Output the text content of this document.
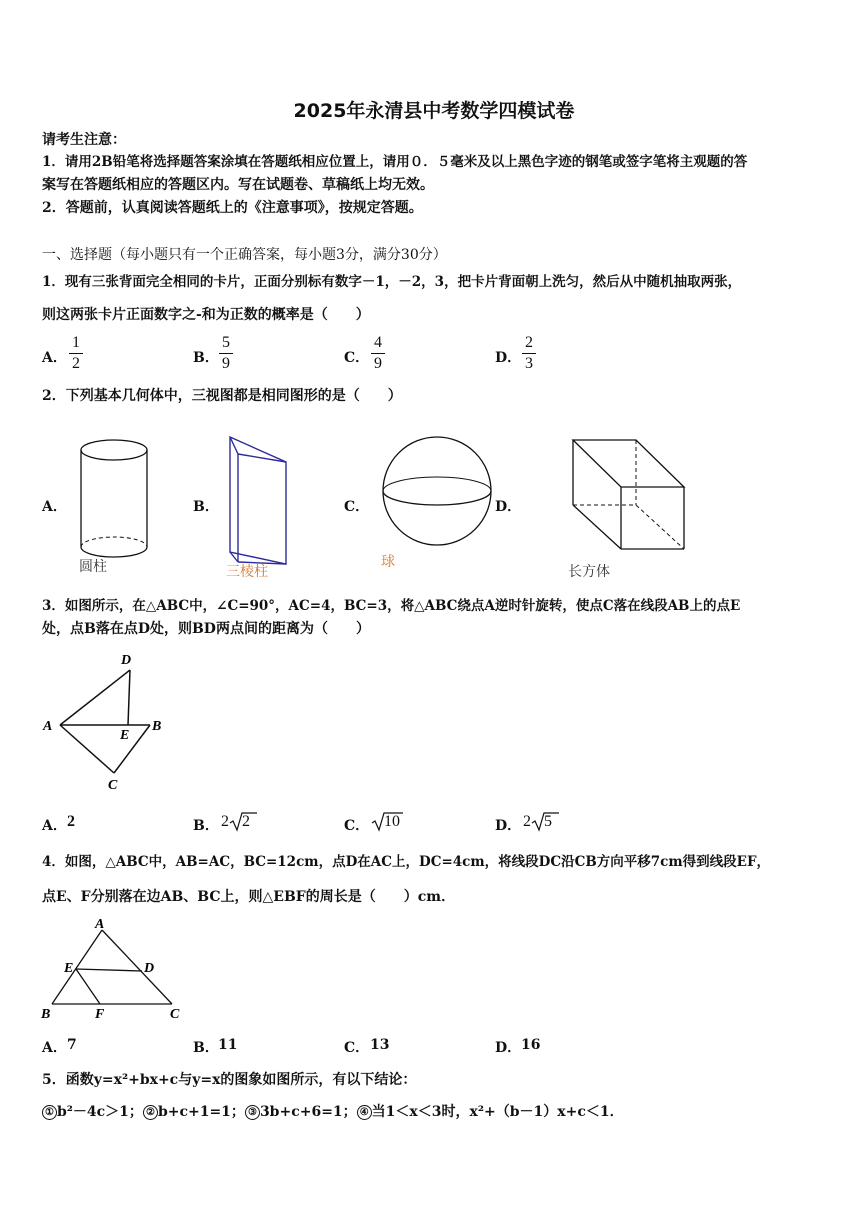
2025年永清县中考数学四模试卷
请考生注意：
1．请用2B铅笔将选择题答案涂填在答题纸相应位置上，请用０．５毫米及以上黑色字迹的钢笔或签字笔将主观题的答
案写在答题纸相应的答题区内。写在试题卷、草稿纸上均无效。
2．答题前，认真阅读答题纸上的《注意事项》，按规定答题。
一、选择题（每小题只有一个正确答案，每小题3分，满分30分）
1．现有三张背面完全相同的卡片，正面分别标有数字－1，－2，3，把卡片背面朝上洗匀，然后从中随机抽取两张，
则这两张卡片正面数字之-和为正数的概率是（　　）
A．
1
2	B．
5
9	C．
4
9	D．
2
3
2．下列基本几何体中，三视图都是相同图形的是（　　）
A．
圆柱
B．
三棱柱
C．
球
D．
长方体
3．如图所示，在△ABC中，∠C=90°，AC=4，BC=3，将△ABC绕点A逆时针旋转，使点C落在线段AB上的点E
处，点B落在点D处，则BD两点间的距离为（　　）
D
A	B
E
C
A． 2	B． 2 2	C． 10	D． 2 5
4．如图，△ABC中，AB=AC，BC=12cm，点D在AC上，DC=4cm，将线段DC沿CB方向平移7cm得到线段EF，
点E、F分别落在边AB、BC上，则△EBF的周长是（　　）cm．
A
E	D
B	F	C
A． 7	B． 11	C． 13	D． 16
5．函数y=x²+bx+c与y=x的图象如图所示，有以下结论：
① b²－4c＞1； ② b+c+1=1； ③ 3b+c+6=1； ④ 当1＜x＜3时，x²+（b－1）x+c＜1．
